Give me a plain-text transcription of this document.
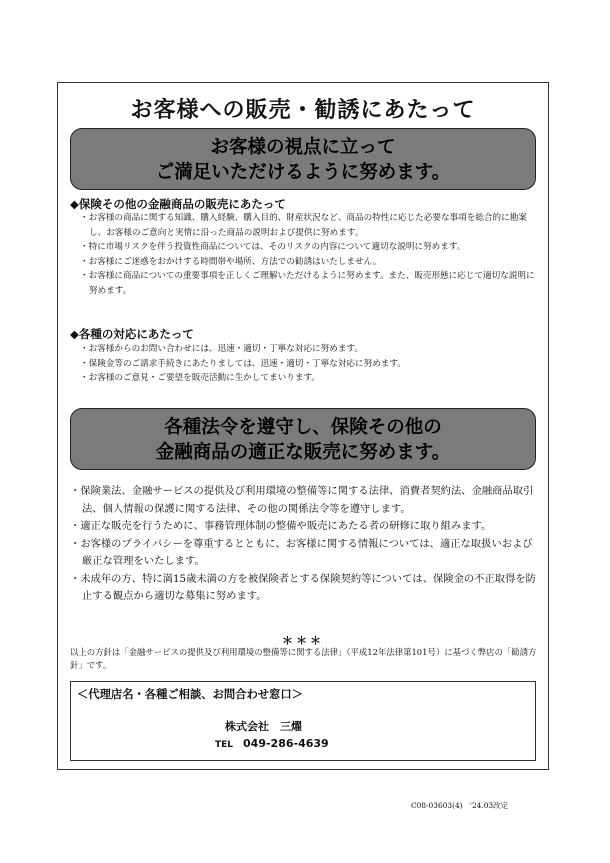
お客様への販売・勧誘にあたって
お客様の視点に立って
ご満足いただけるように努めます。
◆保険その他の金融商品の販売にあたって
・お客様の商品に関する知識、購入経験、購入目的、財産状況など、商品の特性に応じた必要な事項を総合的に勘案し、お客様のご意向と実情に沿った商品の説明および提供に努めます。
・特に市場リスクを伴う投資性商品については、そのリスクの内容について適切な説明に努めます。
・お客様にご迷惑をおかけする時間帯や場所、方法での勧誘はいたしません。
・お客様に商品についての重要事項を正しくご理解いただけるように努めます。また、販売形態に応じて適切な説明に努めます。
◆各種の対応にあたって
・お客様からのお問い合わせには、迅速・適切・丁寧な対応に努めます。
・保険金等のご請求手続きにあたりましては、迅速・適切・丁寧な対応に努めます。
・お客様のご意見・ご要望を販売活動に生かしてまいります。
各種法令を遵守し、保険その他の
金融商品の適正な販売に努めます。
・保険業法、金融サービスの提供及び利用環境の整備等に関する法律、消費者契約法、金融商品取引法、個人情報の保護に関する法律、その他の関係法令等を遵守します。
・適正な販売を行うために、事務管理体制の整備や販売にあたる者の研修に取り組みます。
・お客様のプライバシーを尊重するとともに、お客様に関する情報については、適正な取扱いおよび厳正な管理をいたします。
・未成年の方、特に満15歳未満の方を被保険者とする保険契約等については、保険金の不正取得を防止する観点から適切な募集に努めます。
＊＊＊
以上の方針は「金融サービスの提供及び利用環境の整備等に関する法律」（平成12年法律第101号）に基づく弊店の「勧誘方針」です。
＜代理店名・各種ご相談、お問合わせ窓口＞
株式会社　三燿
TEL 049-286-4639
C08-03603(4)　'24.03改定
